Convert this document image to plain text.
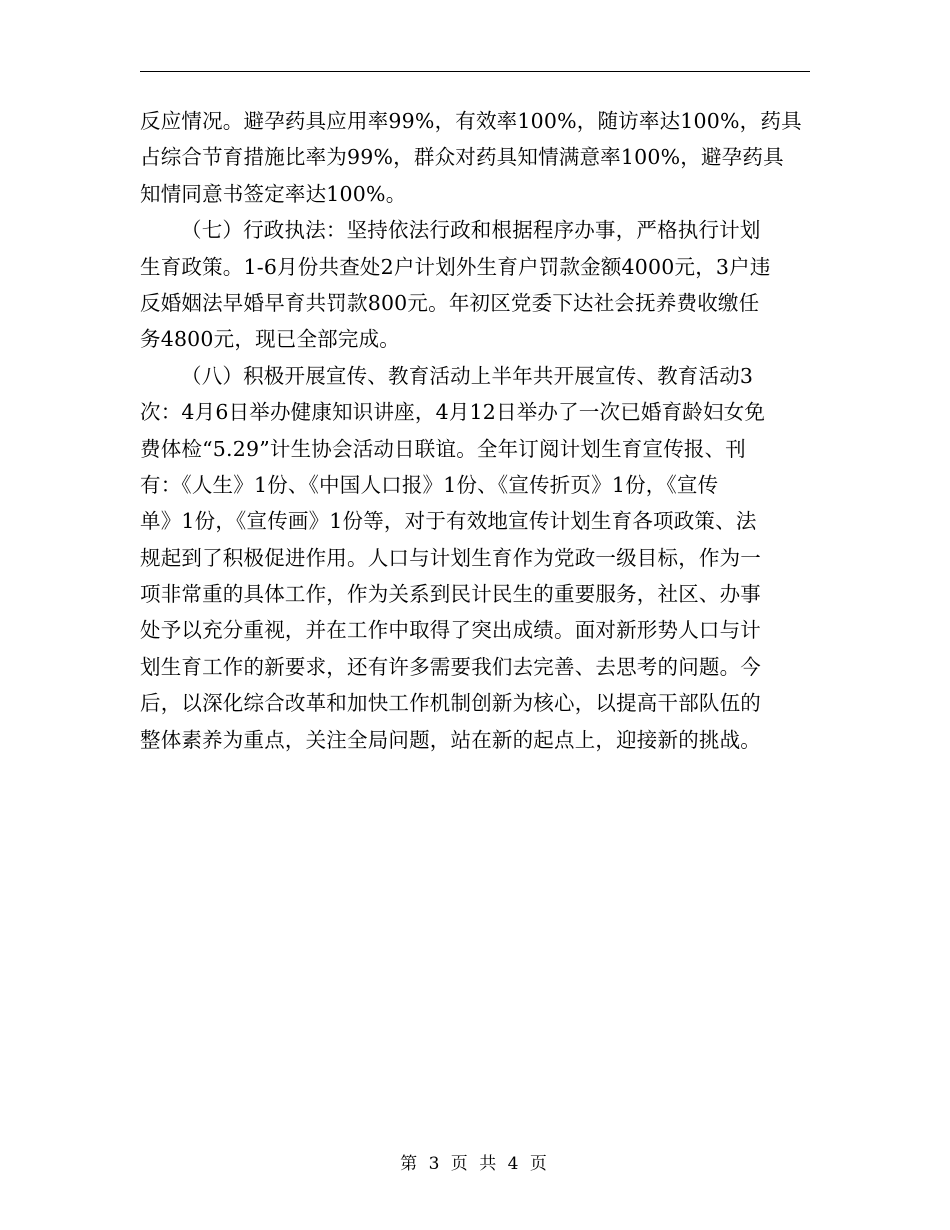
反应情况。避孕药具应用率99%，有效率100%，随访率达100%，药具
占综合节育措施比率为99%，群众对药具知情满意率100%，避孕药具
知情同意书签定率达100%。
（七）行政执法：坚持依法行政和根据程序办事，严格执行计划
生育政策。1-6月份共查处2户计划外生育户罚款金额4000元，3户违
反婚姻法早婚早育共罚款800元。年初区党委下达社会抚养费收缴任
务4800元，现已全部完成。
（八）积极开展宣传、教育活动上半年共开展宣传、教育活动3
次：4月6日举办健康知识讲座，4月12日举办了一次已婚育龄妇女免
费体检“5.29”计生协会活动日联谊。全年订阅计划生育宣传报、刊
有：《人生》1份、《中国人口报》1份、《宣传折页》1份，《宣传
单》1份，《宣传画》1份等，对于有效地宣传计划生育各项政策、法
规起到了积极促进作用。人口与计划生育作为党政一级目标，作为一
项非常重的具体工作，作为关系到民计民生的重要服务，社区、办事
处予以充分重视，并在工作中取得了突出成绩。面对新形势人口与计
划生育工作的新要求，还有许多需要我们去完善、去思考的问题。今
后，以深化综合改革和加快工作机制创新为核心，以提高干部队伍的
整体素养为重点，关注全局问题，站在新的起点上，迎接新的挑战。
第 3 页 共 4 页
